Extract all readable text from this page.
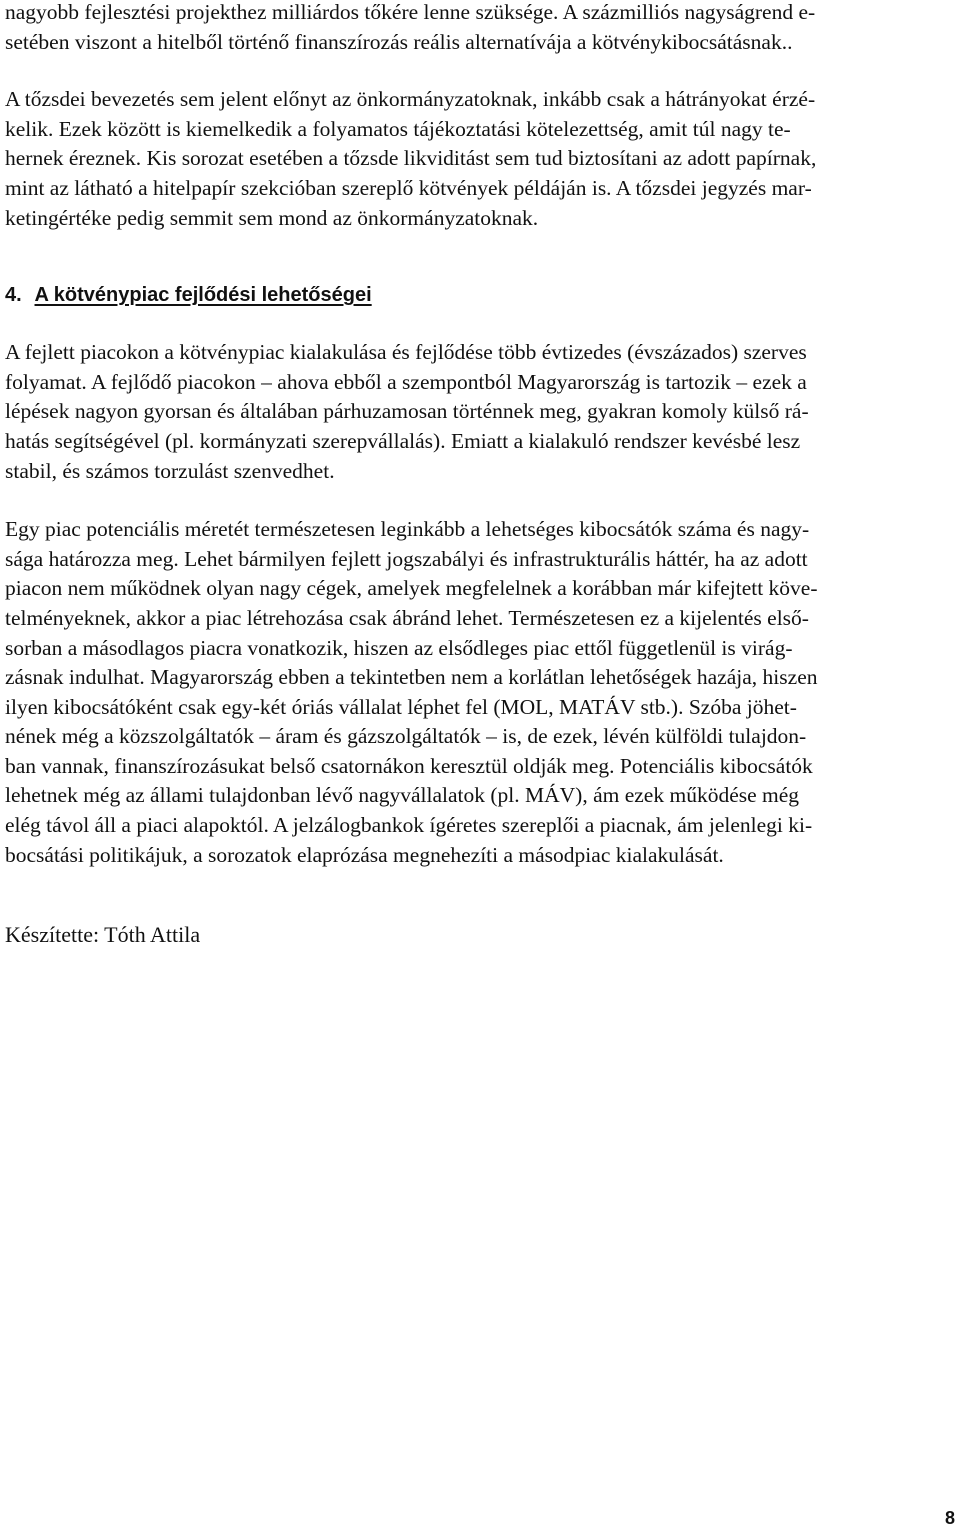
nagyobb fejlesztési projekthez milliárdos tőkére lenne szüksége. A százmilliós nagyságrend e-
setében viszont a hitelből történő finanszírozás reális alternatívája a kötvénykibocsátásnak..

A tőzsdei bevezetés sem jelent előnyt az önkormányzatoknak, inkább csak a hátrányokat érzé-
kelik. Ezek között is kiemelkedik a folyamatos tájékoztatási kötelezettség, amit túl nagy te-
hernek éreznek. Kis sorozat esetében a tőzsde likviditást sem tud biztosítani az adott papírnak,
mint az látható a hitelpapír szekcióban szereplő kötvények példáján is. A tőzsdei jegyzés mar-
ketingértéke pedig semmit sem mond az önkormányzatoknak.

4. A kötvénypiac fejlődési lehetőségei

A fejlett piacokon a kötvénypiac kialakulása és fejlődése több évtizedes (évszázados) szerves
folyamat. A fejlődő piacokon – ahova ebből a szempontból Magyarország is tartozik – ezek a
lépések nagyon gyorsan és általában párhuzamosan történnek meg, gyakran komoly külső rá-
hatás segítségével (pl. kormányzati szerepvállalás). Emiatt a kialakuló rendszer kevésbé lesz
stabil, és számos torzulást szenvedhet.

Egy piac potenciális méretét természetesen leginkább a lehetséges kibocsátók száma és nagy-
sága határozza meg. Lehet bármilyen fejlett jogszabályi és infrastrukturális háttér, ha az adott
piacon nem működnek olyan nagy cégek, amelyek megfelelnek a korábban már kifejtett köve-
telményeknek, akkor a piac létrehozása csak ábránd lehet. Természetesen ez a kijelentés első-
sorban a másodlagos piacra vonatkozik, hiszen az elsődleges piac ettől függetlenül is virág-
zásnak indulhat. Magyarország ebben a tekintetben nem a korlátlan lehetőségek hazája, hiszen
ilyen kibocsátóként csak egy-két óriás vállalat léphet fel (MOL, MATÁV stb.). Szóba jöhet-
nének még a közszolgáltatók – áram és gázszolgáltatók – is, de ezek, lévén külföldi tulajdon-
ban vannak, finanszírozásukat belső csatornákon keresztül oldják meg. Potenciális kibocsátók
lehetnek még az állami tulajdonban lévő nagyvállalatok (pl. MÁV), ám ezek működése még
elég távol áll a piaci alapoktól. A jelzálogbankok ígéretes szereplői a piacnak, ám jelenlegi ki-
bocsátási politikájuk, a sorozatok elaprózása megnehezíti a másodpiac kialakulását.

Készítette: Tóth Attila

8
